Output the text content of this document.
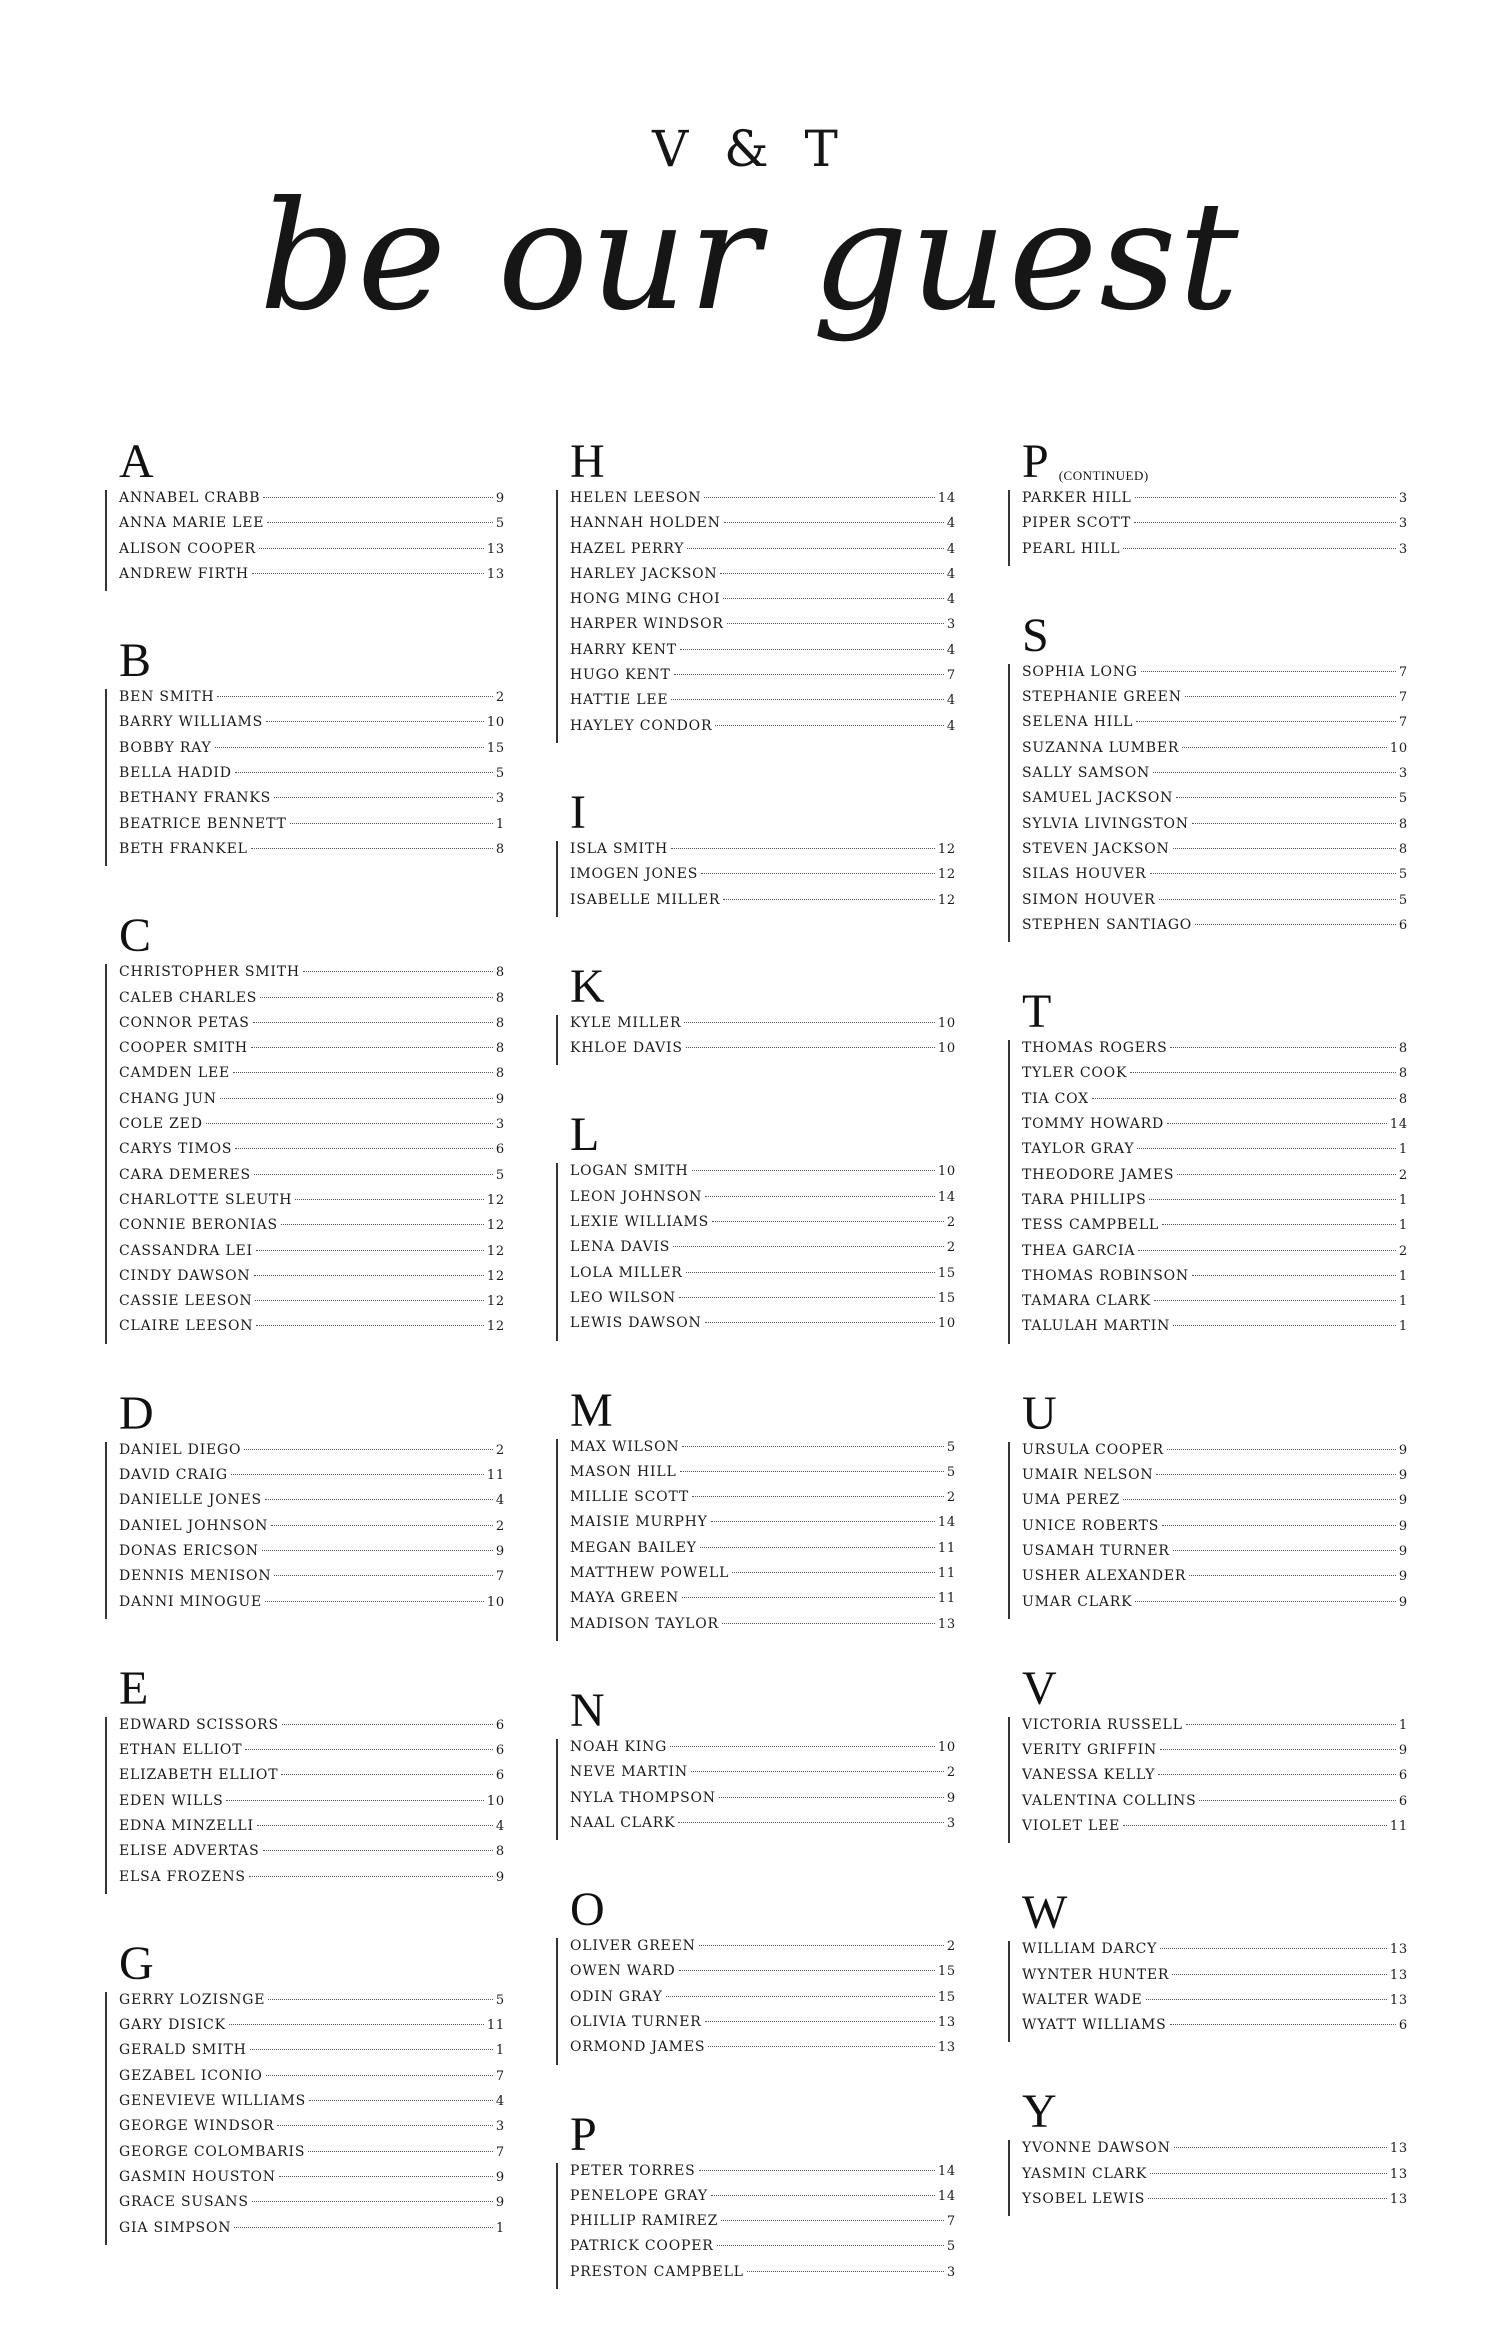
V & T
be our guest
A
ANNABEL CRABB	9
ANNA MARIE LEE	5
ALISON COOPER	13
ANDREW FIRTH	13
B
BEN SMITH	2
BARRY WILLIAMS	10
BOBBY RAY	15
BELLA HADID	5
BETHANY FRANKS	3
BEATRICE BENNETT	1
BETH FRANKEL	8
C
CHRISTOPHER SMITH	8
CALEB CHARLES	8
CONNOR PETAS	8
COOPER SMITH	8
CAMDEN LEE	8
CHANG JUN	9
COLE ZED	3
CARYS TIMOS	6
CARA DEMERES	5
CHARLOTTE SLEUTH	12
CONNIE BERONIAS	12
CASSANDRA LEI	12
CINDY DAWSON	12
CASSIE LEESON	12
CLAIRE LEESON	12
D
DANIEL DIEGO	2
DAVID CRAIG	11
DANIELLE JONES	4
DANIEL JOHNSON	2
DONAS ERICSON	9
DENNIS MENISON	7
DANNI MINOGUE	10
E
EDWARD SCISSORS	6
ETHAN ELLIOT	6
ELIZABETH ELLIOT	6
EDEN WILLS	10
EDNA MINZELLI	4
ELISE ADVERTAS	8
ELSA FROZENS	9
G
GERRY LOZISNGE	5
GARY DISICK	11
GERALD SMITH	1
GEZABEL ICONIO	7
GENEVIEVE WILLIAMS	4
GEORGE WINDSOR	3
GEORGE COLOMBARIS	7
GASMIN HOUSTON	9
GRACE SUSANS	9
GIA SIMPSON	1
H
HELEN LEESON	14
HANNAH HOLDEN	4
HAZEL PERRY	4
HARLEY JACKSON	4
HONG MING CHOI	4
HARPER WINDSOR	3
HARRY KENT	4
HUGO KENT	7
HATTIE LEE	4
HAYLEY CONDOR	4
I
ISLA SMITH	12
IMOGEN JONES	12
ISABELLE MILLER	12
K
KYLE MILLER	10
KHLOE DAVIS	10
L
LOGAN SMITH	10
LEON JOHNSON	14
LEXIE WILLIAMS	2
LENA DAVIS	2
LOLA MILLER	15
LEO WILSON	15
LEWIS DAWSON	10
M
MAX WILSON	5
MASON HILL	5
MILLIE SCOTT	2
MAISIE MURPHY	14
MEGAN BAILEY	11
MATTHEW POWELL	11
MAYA GREEN	11
MADISON TAYLOR	13
N
NOAH KING	10
NEVE MARTIN	2
NYLA THOMPSON	9
NAAL CLARK	3
O
OLIVER GREEN	2
OWEN WARD	15
ODIN GRAY	15
OLIVIA TURNER	13
ORMOND JAMES	13
P
PETER TORRES	14
PENELOPE GRAY	14
PHILLIP RAMIREZ	7
PATRICK COOPER	5
PRESTON CAMPBELL	3
P (CONTINUED)
PARKER HILL	3
PIPER SCOTT	3
PEARL HILL	3
S
SOPHIA LONG	7
STEPHANIE GREEN	7
SELENA HILL	7
SUZANNA LUMBER	10
SALLY SAMSON	3
SAMUEL JACKSON	5
SYLVIA LIVINGSTON	8
STEVEN JACKSON	8
SILAS HOUVER	5
SIMON HOUVER	5
STEPHEN SANTIAGO	6
T
THOMAS ROGERS	8
TYLER COOK	8
TIA COX	8
TOMMY HOWARD	14
TAYLOR GRAY	1
THEODORE JAMES	2
TARA PHILLIPS	1
TESS CAMPBELL	1
THEA GARCIA	2
THOMAS ROBINSON	1
TAMARA CLARK	1
TALULAH MARTIN	1
U
URSULA COOPER	9
UMAIR NELSON	9
UMA PEREZ	9
UNICE ROBERTS	9
USAMAH TURNER	9
USHER ALEXANDER	9
UMAR CLARK	9
V
VICTORIA RUSSELL	1
VERITY GRIFFIN	9
VANESSA KELLY	6
VALENTINA COLLINS	6
VIOLET LEE	11
W
WILLIAM DARCY	13
WYNTER HUNTER	13
WALTER WADE	13
WYATT WILLIAMS	6
Y
YVONNE DAWSON	13
YASMIN CLARK	13
YSOBEL LEWIS	13
